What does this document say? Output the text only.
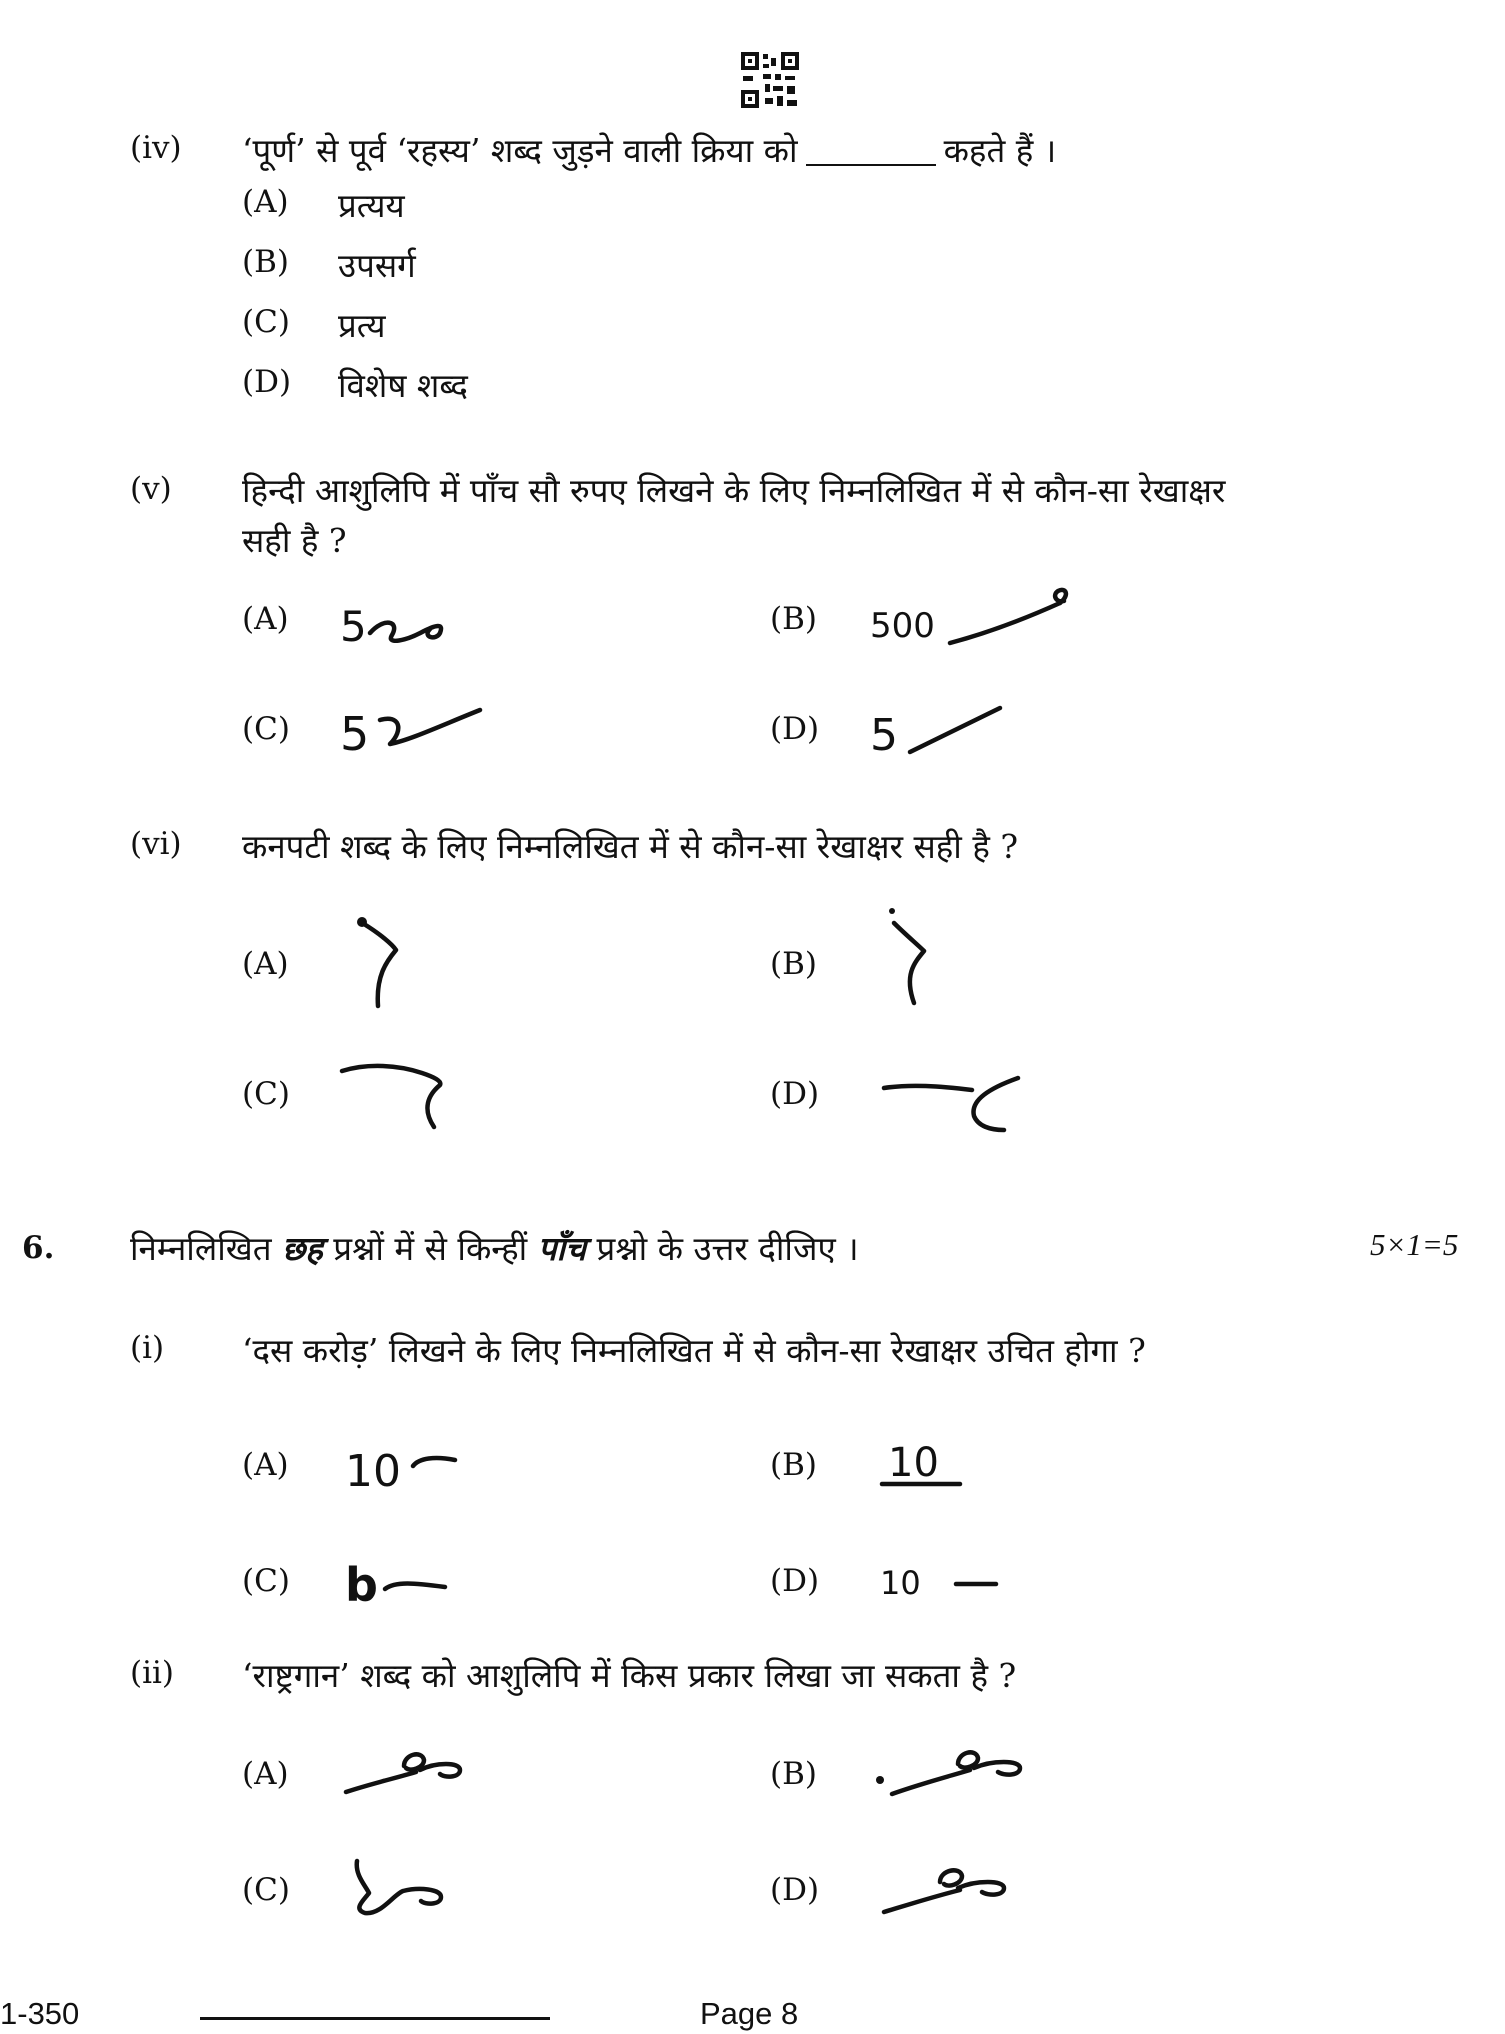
(iv) ‘पूर्ण’ से पूर्व ‘रहस्य’ शब्द जुड़ने वाली क्रिया को	कहते हैं ।
(A) प्रत्यय
(B) उपसर्ग
(C) प्रत्य
(D) विशेष शब्द
(v) हिन्दी आशुलिपि में पाँच सौ रुपए लिखने के लिए निम्नलिखित में से कौन-सा रेखाक्षर
सही है ?
(A) 5	(B) 500
(C) 5	(D) 5
(vi) कनपटी शब्द के लिए निम्नलिखित में से कौन-सा रेखाक्षर सही है ?
(A)	(B)
(C)	(D)
6. निम्नलिखित छह प्रश्नों में से किन्हीं पाँच प्रश्नो के उत्तर दीजिए ।	5×1=5
(i) ‘दस करोड़’ लिखने के लिए निम्नलिखित में से कौन-सा रेखाक्षर उचित होगा ?
(A) 10	(B) 10
(C) b	(D) 10
(ii) ‘राष्ट्रगान’ शब्द को आशुलिपि में किस प्रकार लिखा जा सकता है ?
(A)	(B)
(C)	(D)
1-350	Page 8
